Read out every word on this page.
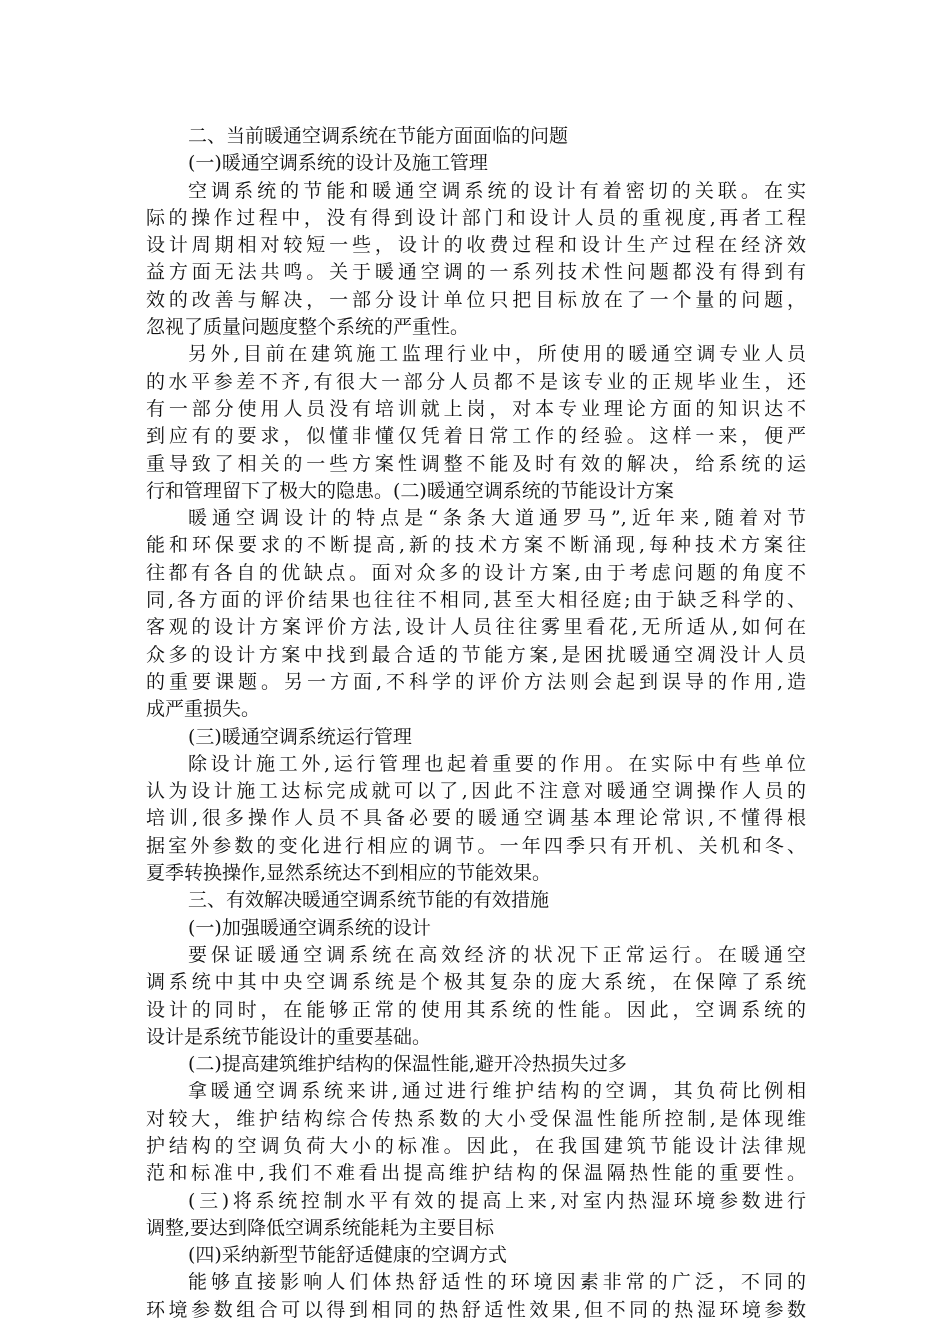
二、当前暖通空调系统在节能方面面临的问题
(一)暖通空调系统的设计及施工管理
空调系统的节能和暖通空调系统的设计有着密切的关联。在实
际的操作过程中，没有得到设计部门和设计人员的重视度,再者工程
设计周期相对较短一些，设计的收费过程和设计生产过程在经济效
益方面无法共鸣。关于暖通空调的一系列技术性问题都没有得到有
效的改善与解决，一部分设计单位只把目标放在了一个量的问题，
忽视了质量问题度整个系统的严重性。
另外,目前在建筑施工监理行业中，所使用的暖通空调专业人员
的水平参差不齐,有很大一部分人员都不是该专业的正规毕业生，还
有一部分使用人员没有培训就上岗，对本专业理论方面的知识达不
到应有的要求，似懂非懂仅凭着日常工作的经验。这样一来，便严
重导致了相关的一些方案性调整不能及时有效的解决，给系统的运
行和管理留下了极大的隐患。(二)暖通空调系统的节能设计方案
暖通空调设计的特点是“条条大道通罗马”,近年来,随着对节
能和环保要求的不断提高,新的技术方案不断涌现,每种技术方案往
往都有各自的优缺点。面对众多的设计方案,由于考虑问题的角度不
同,各方面的评价结果也往往不相同,甚至大相径庭;由于缺乏科学的、
客观的设计方案评价方法,设计人员往往雾里看花,无所适从,如何在
众多的设计方案中找到最合适的节能方案,是困扰暖通空凋没计人员
的重要课题。另一方面,不科学的评价方法则会起到误导的作用,造
成严重损失。
(三)暖通空调系统运行管理
除设计施工外,运行管理也起着重要的作用。在实际中有些单位
认为设计施工达标完成就可以了,因此不注意对暖通空调操作人员的
培训,很多操作人员不具备必要的暖通空调基本理论常识,不懂得根
据室外参数的变化进行相应的调节。一年四季只有开机、关机和冬、
夏季转换操作,显然系统达不到相应的节能效果。
三、有效解决暖通空调系统节能的有效措施
(一)加强暖通空调系统的设计
要保证暖通空调系统在高效经济的状况下正常运行。在暖通空
调系统中其中央空调系统是个极其复杂的庞大系统，在保障了系统
设计的同时，在能够正常的使用其系统的性能。因此，空调系统的
设计是系统节能设计的重要基础。
(二)提高建筑维护结构的保温性能,避开冷热损失过多
拿暖通空调系统来讲,通过进行维护结构的空调，其负荷比例相
对较大，维护结构综合传热系数的大小受保温性能所控制,是体现维
护结构的空调负荷大小的标准。因此，在我国建筑节能设计法律规
范和标准中,我们不难看出提高维护结构的保温隔热性能的重要性。
(三)将系统控制水平有效的提高上来,对室内热湿环境参数进行
调整,要达到降低空调系统能耗为主要目标
(四)采纳新型节能舒适健康的空调方式
能够直接影响人们体热舒适性的环境因素非常的广泛，不同的
环境参数组合可以得到相同的热舒适性效果,但不同的热湿环境参数
